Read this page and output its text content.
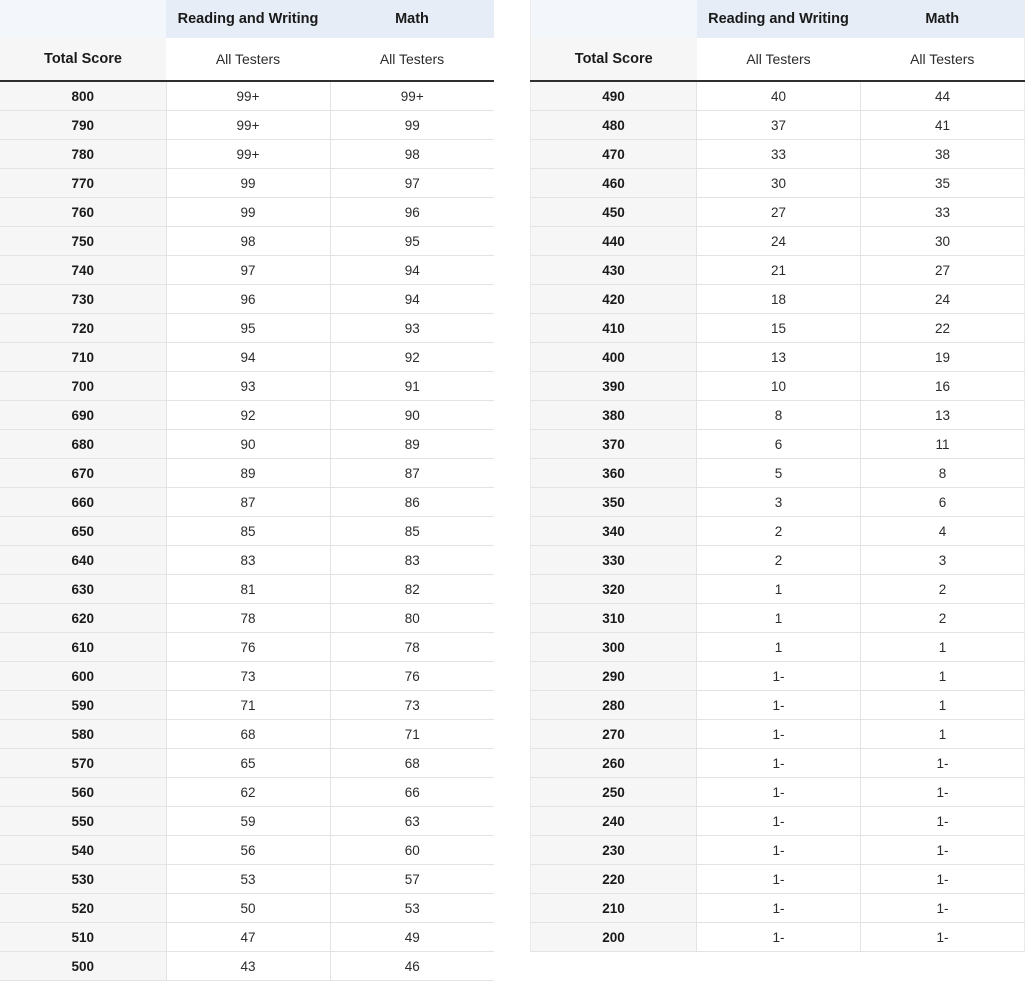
	Reading and Writing	Math
Total Score	All Testers	All Testers
800	99+	99+
790	99+	99
780	99+	98
770	99	97
760	99	96
750	98	95
740	97	94
730	96	94
720	95	93
710	94	92
700	93	91
690	92	90
680	90	89
670	89	87
660	87	86
650	85	85
640	83	83
630	81	82
620	78	80
610	76	78
600	73	76
590	71	73
580	68	71
570	65	68
560	62	66
550	59	63
540	56	60
530	53	57
520	50	53
510	47	49
500	43	46
	Reading and Writing	Math
Total Score	All Testers	All Testers
490	40	44
480	37	41
470	33	38
460	30	35
450	27	33
440	24	30
430	21	27
420	18	24
410	15	22
400	13	19
390	10	16
380	8	13
370	6	11
360	5	8
350	3	6
340	2	4
330	2	3
320	1	2
310	1	2
300	1	1
290	1-	1
280	1-	1
270	1-	1
260	1-	1-
250	1-	1-
240	1-	1-
230	1-	1-
220	1-	1-
210	1-	1-
200	1-	1-
